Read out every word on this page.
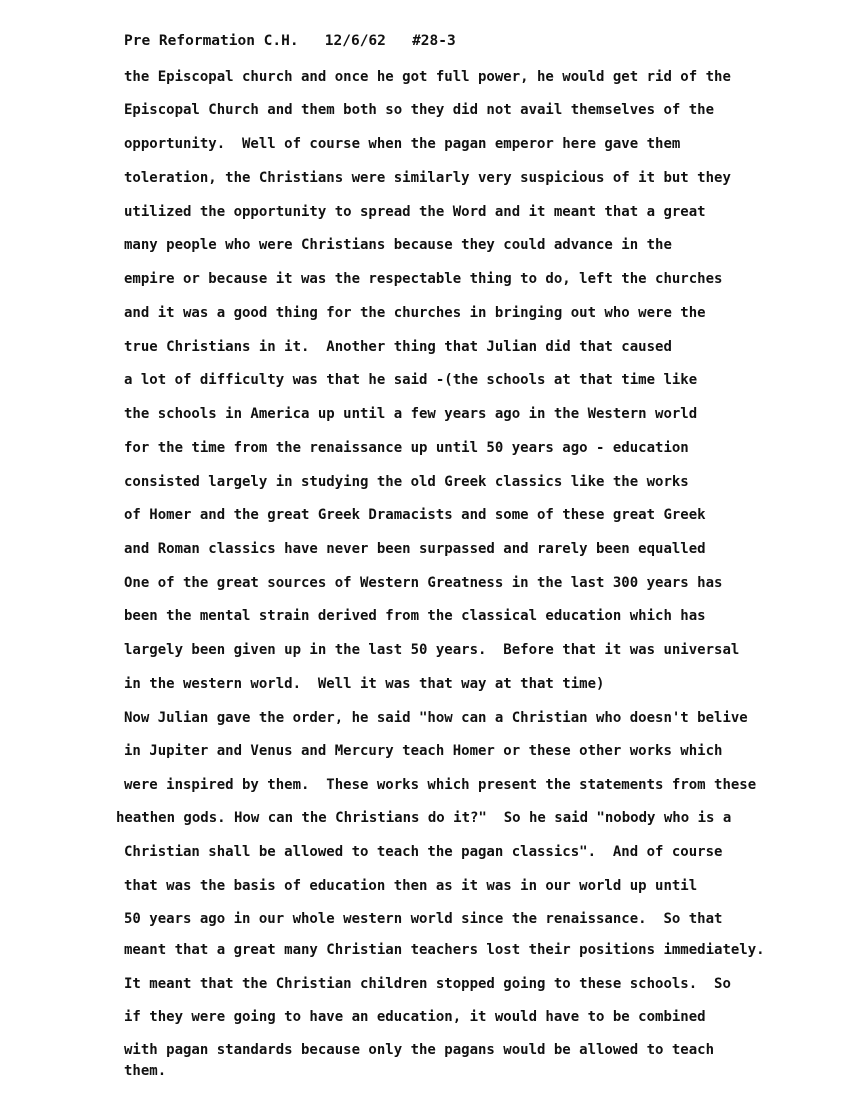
Pre Reformation C.H.   12/6/62   #28-3
the Episcopal church and once he got full power, he would get rid of the
Episcopal Church and them both so they did not avail themselves of the
opportunity.  Well of course when the pagan emperor here gave them
toleration, the Christians were similarly very suspicious of it but they
utilized the opportunity to spread the Word and it meant that a great
many people who were Christians because they could advance in the
empire or because it was the respectable thing to do, left the churches
and it was a good thing for the churches in bringing out who were the
true Christians in it.  Another thing that Julian did that caused
a lot of difficulty was that he said -(the schools at that time like
the schools in America up until a few years ago in the Western world
for the time from the renaissance up until 50 years ago - education
consisted largely in studying the old Greek classics like the works
of Homer and the great Greek Dramacists and some of these great Greek
and Roman classics have never been surpassed and rarely been equalled
One of the great sources of Western Greatness in the last 300 years has
been the mental strain derived from the classical education which has
largely been given up in the last 50 years.  Before that it was universal
in the western world.  Well it was that way at that time)
Now Julian gave the order, he said "how can a Christian who doesn't belive
in Jupiter and Venus and Mercury teach Homer or these other works which
were inspired by them.  These works which present the statements from these
heathen gods. How can the Christians do it?"  So he said "nobody who is a
Christian shall be allowed to teach the pagan classics".  And of course
that was the basis of education then as it was in our world up until
50 years ago in our whole western world since the renaissance.  So that
meant that a great many Christian teachers lost their positions immediately.
It meant that the Christian children stopped going to these schools.  So
if they were going to have an education, it would have to be combined
with pagan standards because only the pagans would be allowed to teach
them.
